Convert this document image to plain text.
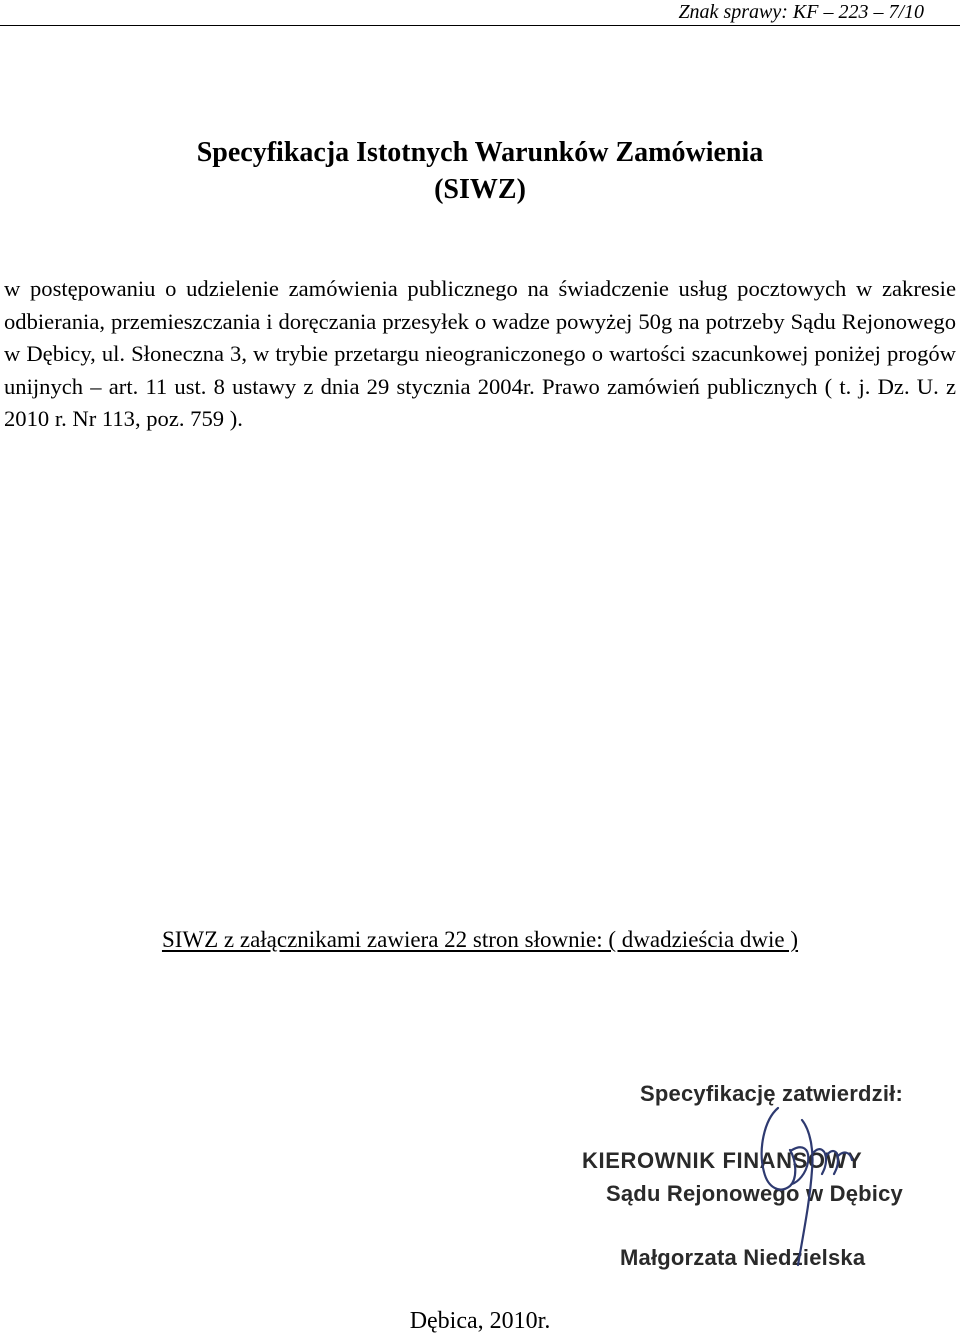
Znak sprawy: KF – 223 – 7/10
Specyfikacja Istotnych Warunków Zamówienia
(SIWZ)

w postępowaniu o udzielenie zamówienia publicznego na świadczenie usług pocztowych w zakresie odbierania, przemieszczania i doręczania przesyłek o wadze powyżej 50g na potrzeby Sądu Rejonowego w Dębicy, ul. Słoneczna 3, w trybie przetargu nieograniczonego o wartości szacunkowej poniżej progów unijnych – art. 11 ust. 8 ustawy z dnia 29 stycznia 2004r. Prawo zamówień publicznych ( t. j. Dz. U. z 2010 r. Nr 113, poz. 759 ).

SIWZ z załącznikami zawiera 22 stron słownie: ( dwadzieścia dwie )
Specyfikację zatwierdził:
KIEROWNIK FINANSOWY
Sądu Rejonowego w Dębicy
Małgorzata Niedzielska
Dębica, 2010r.
